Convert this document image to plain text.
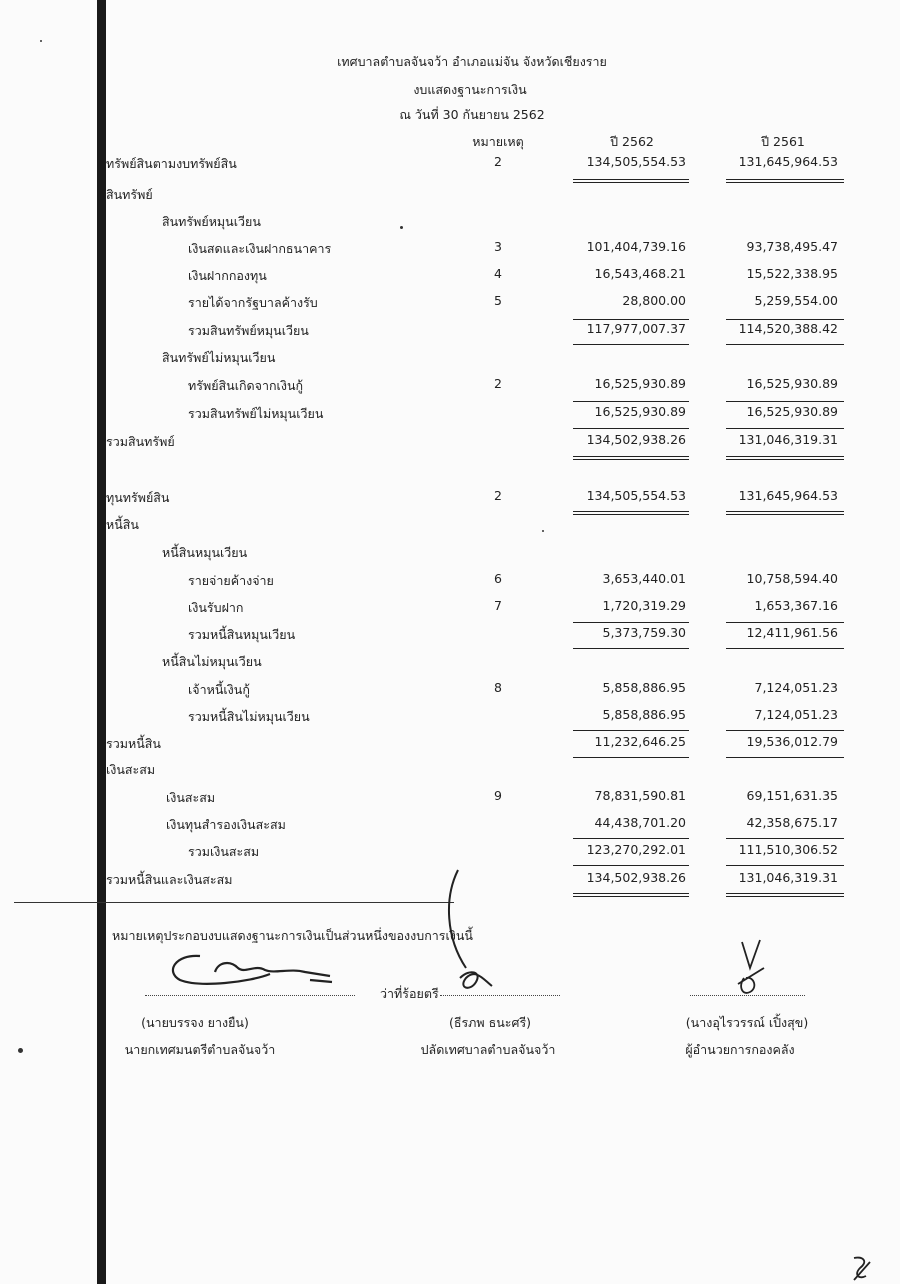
เทศบาลตำบลจันจว้า อำเภอแม่จัน จังหวัดเชียงราย
งบแสดงฐานะการเงิน
ณ วันที่ 30 กันยายน 2562
หมายเหตุ	ปี 2562	ปี 2561
ทรัพย์สินตามงบทรัพย์สิน	2	134,505,554.53	131,645,964.53
สินทรัพย์
สินทรัพย์หมุนเวียน
เงินสดและเงินฝากธนาคาร	3	101,404,739.16	93,738,495.47
เงินฝากกองทุน	4	16,543,468.21	15,522,338.95
รายได้จากรัฐบาลค้างรับ	5	28,800.00	5,259,554.00
รวมสินทรัพย์หมุนเวียน	117,977,007.37	114,520,388.42
สินทรัพย์ไม่หมุนเวียน
ทรัพย์สินเกิดจากเงินกู้	2	16,525,930.89	16,525,930.89
รวมสินทรัพย์ไม่หมุนเวียน	16,525,930.89	16,525,930.89
รวมสินทรัพย์	134,502,938.26	131,046,319.31
ทุนทรัพย์สิน	2	134,505,554.53	131,645,964.53
หนี้สิน
หนี้สินหมุนเวียน
รายจ่ายค้างจ่าย	6	3,653,440.01	10,758,594.40
เงินรับฝาก	7	1,720,319.29	1,653,367.16
รวมหนี้สินหมุนเวียน	5,373,759.30	12,411,961.56
หนี้สินไม่หมุนเวียน
เจ้าหนี้เงินกู้	8	5,858,886.95	7,124,051.23
รวมหนี้สินไม่หมุนเวียน	5,858,886.95	7,124,051.23
รวมหนี้สิน	11,232,646.25	19,536,012.79
เงินสะสม
เงินสะสม	9	78,831,590.81	69,151,631.35
เงินทุนสำรองเงินสะสม	44,438,701.20	42,358,675.17
รวมเงินสะสม	123,270,292.01	111,510,306.52
รวมหนี้สินและเงินสะสม	134,502,938.26	131,046,319.31
หมายเหตุประกอบงบแสดงฐานะการเงินเป็นส่วนหนึ่งของงบการเงินนี้
ว่าที่ร้อยตรี
(นายบรรจง ยางยืน)
นายกเทศมนตรีตำบลจันจว้า
(ธีรภพ ธนะศรี)
ปลัดเทศบาลตำบลจันจว้า
(นางอุไรวรรณ์ เปิ้งสุข)
ผู้อำนวยการกองคลัง
